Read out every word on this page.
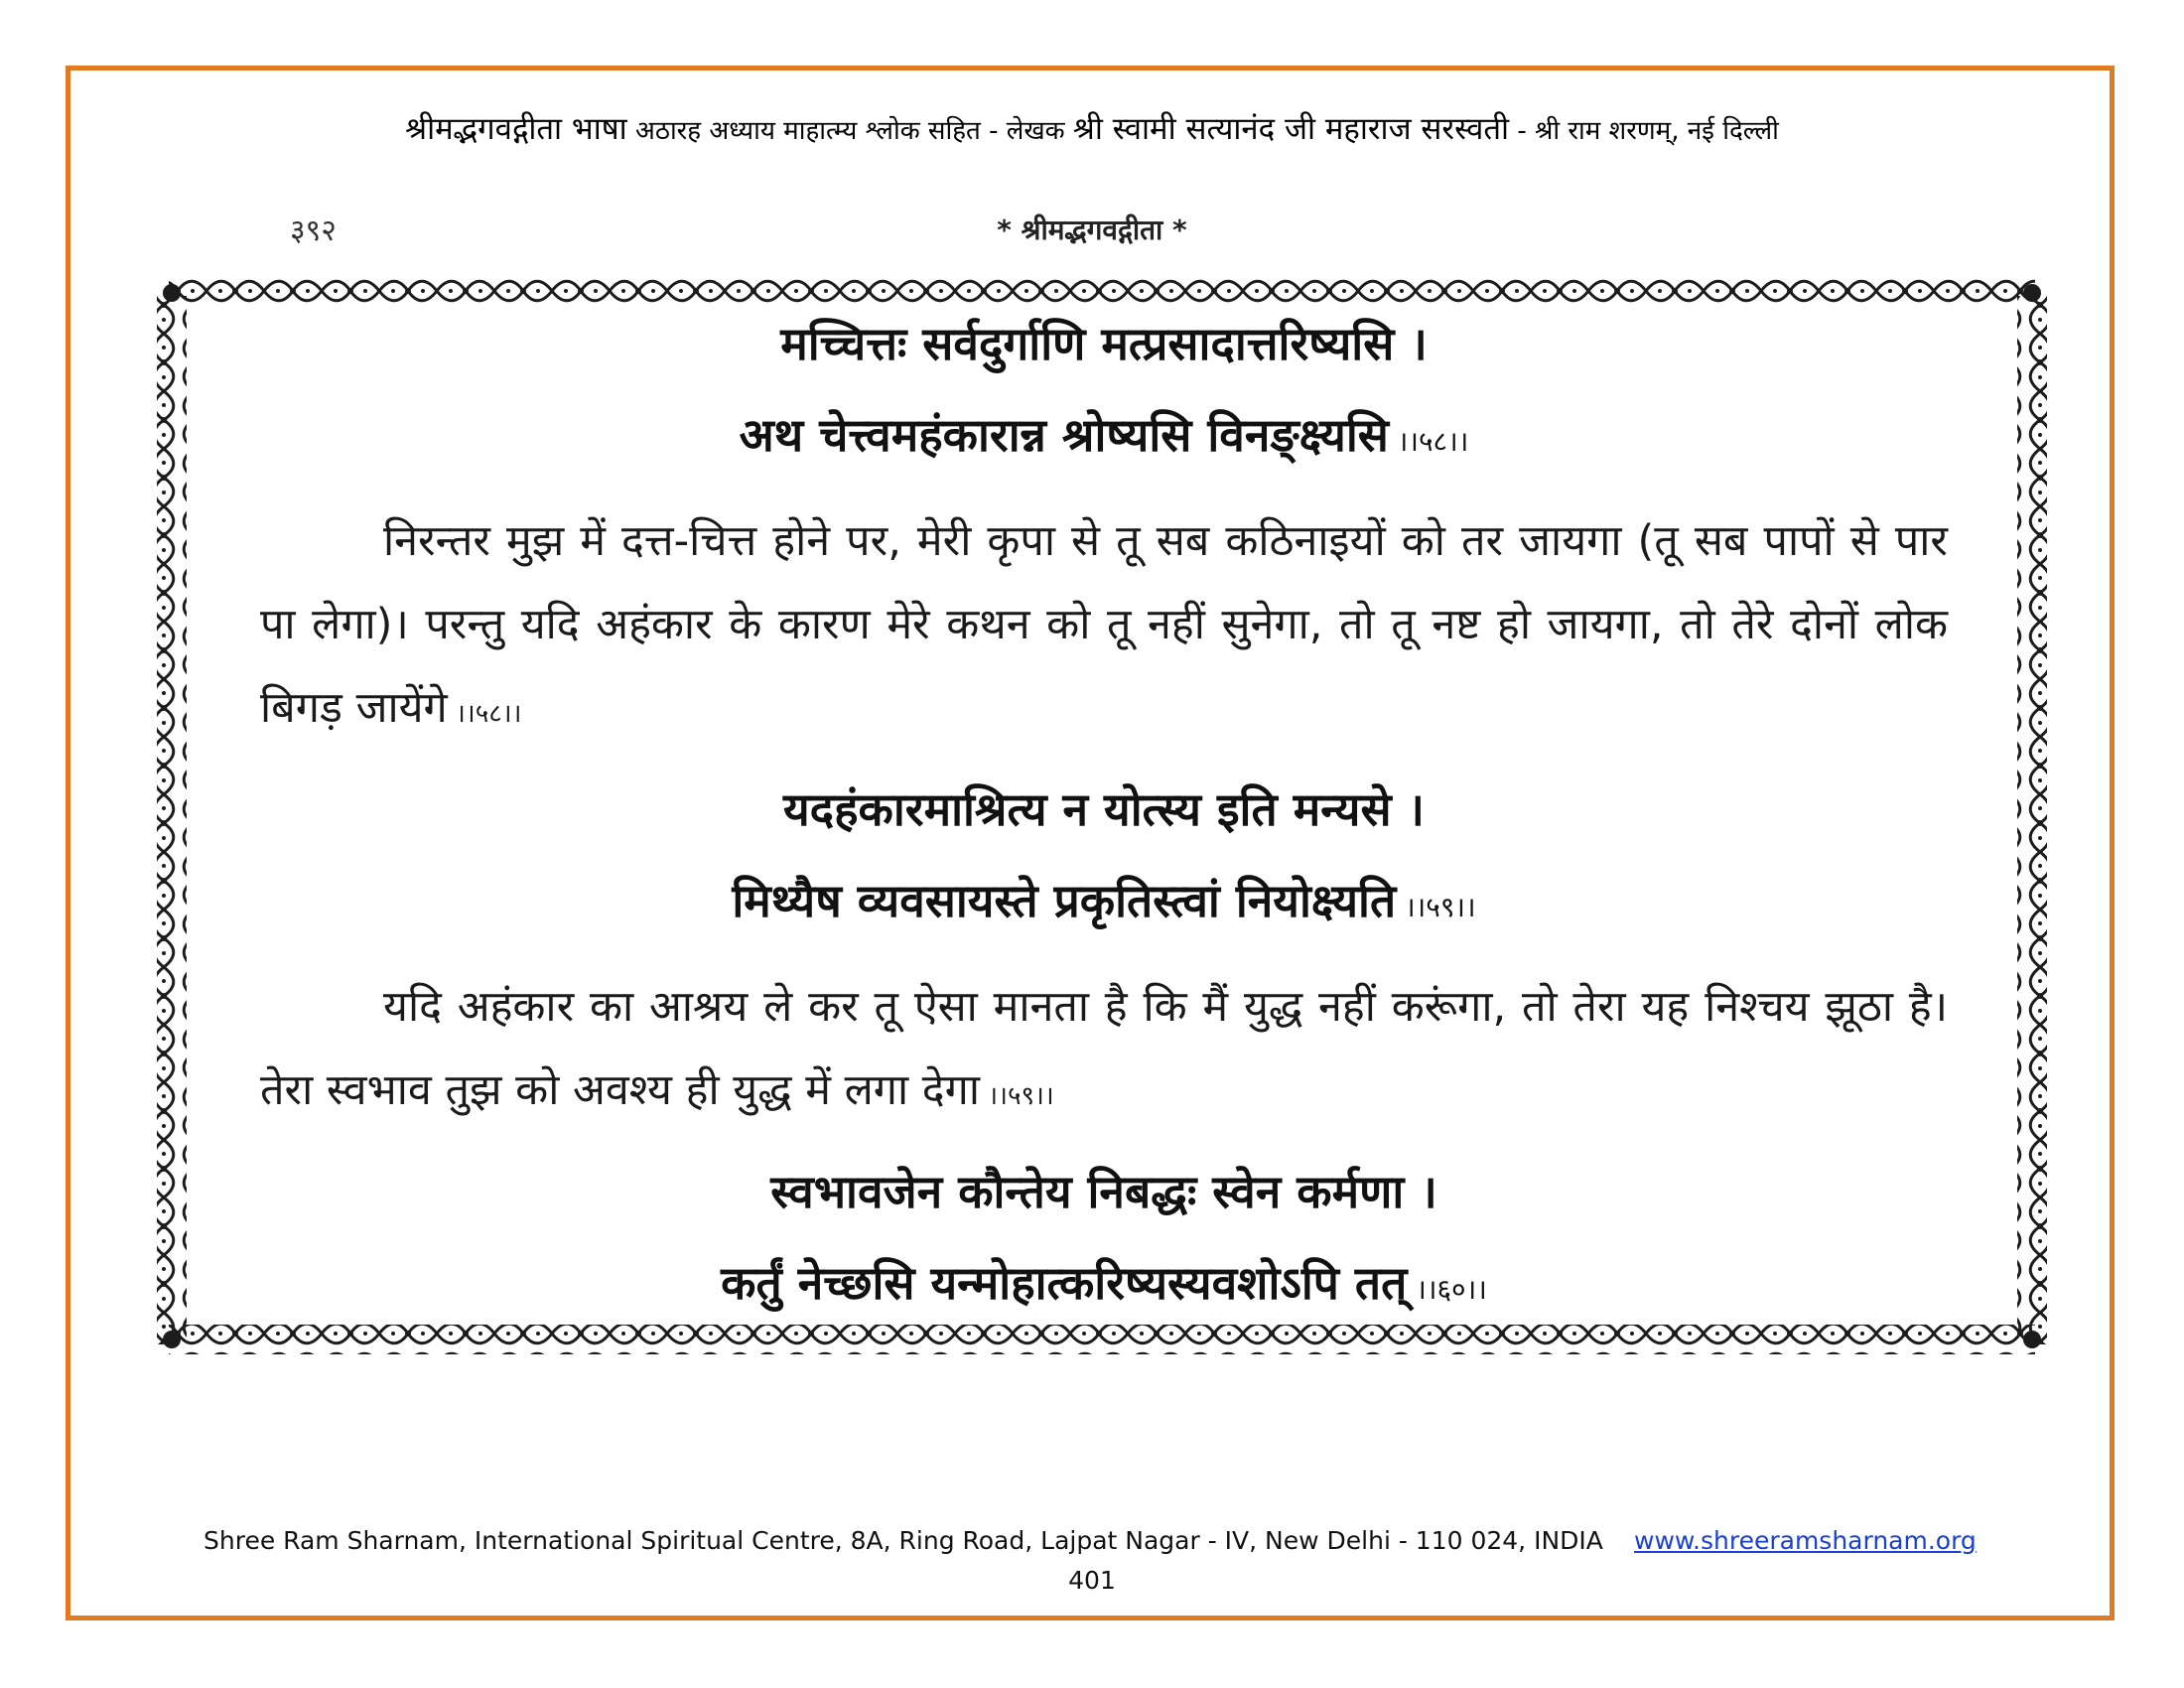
श्रीमद्भगवद्गीता भाषा अठारह अध्याय माहात्म्य श्लोक सहित - लेखक श्री स्वामी सत्यानंद जी महाराज सरस्वती - श्री राम शरणम्, नई दिल्ली
३९२	* श्रीमद्भगवद्गीता *
मच्चित्तः सर्वदुर्गाणि मत्प्रसादात्तरिष्यसि ।
अथ चेत्त्वमहंकारान्न श्रोष्यसि विनङ्क्ष्यसि ।।५८।।
निरन्तर मुझ में दत्त-चित्त होने पर, मेरी कृपा से तू सब कठिनाइयों को तर जायगा (तू सब पापों से पार पा लेगा)। परन्तु यदि अहंकार के कारण मेरे कथन को तू नहीं सुनेगा, तो तू नष्ट हो जायगा, तो तेरे दोनों लोक बिगड़ जायेंगे ।।५८।।
यदहंकारमाश्रित्य न योत्स्य इति मन्यसे ।
मिथ्यैष व्यवसायस्ते प्रकृतिस्त्वां नियोक्ष्यति ।।५९।।
यदि अहंकार का आश्रय ले कर तू ऐसा मानता है कि मैं युद्ध नहीं करूंगा, तो तेरा यह निश्चय झूठा है। तेरा स्वभाव तुझ को अवश्य ही युद्ध में लगा देगा ।।५९।।
स्वभावजेन कौन्तेय निबद्धः स्वेन कर्मणा ।
कर्तुं नेच्छसि यन्मोहात्करिष्यस्यवशोऽपि तत् ।।६०।।
Shree Ram Sharnam, International Spiritual Centre, 8A, Ring Road, Lajpat Nagar - IV, New Delhi - 110 024, INDIA www.shreeramsharnam.org
401
